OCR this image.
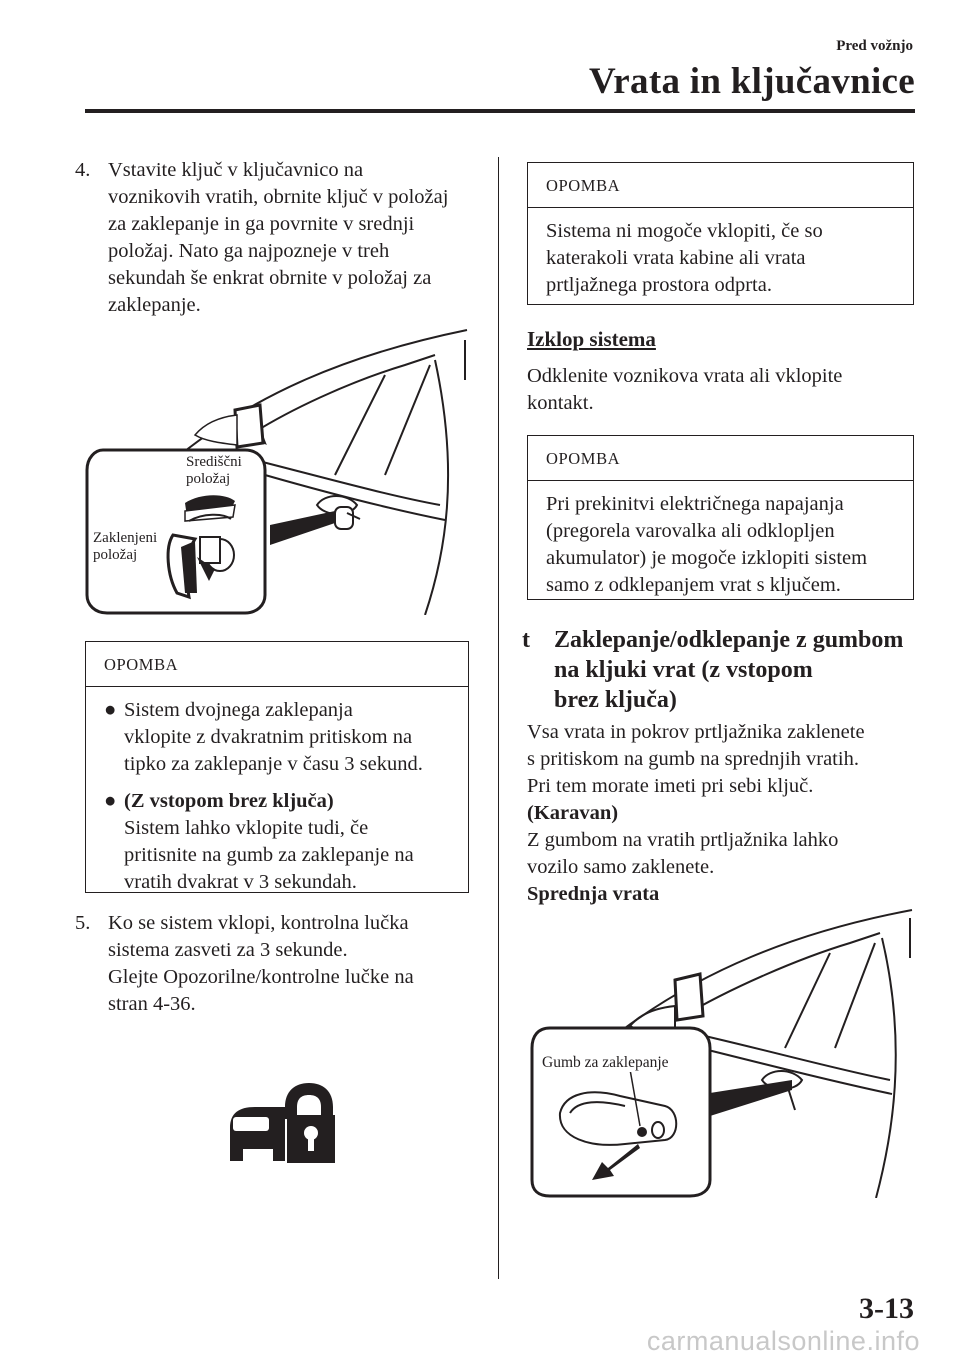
Pred vožnjo
Vrata in ključavnice
4. Vstavite ključ v ključavnico na
voznikovih vratih, obrnite ključ v položaj
za zaklepanje in ga povrnite v srednji
položaj. Nato ga najpozneje v treh
sekundah še enkrat obrnite v položaj za
zaklepanje.
Središčni
položaj
Zaklenjeni
položaj
OPOMBA
● Sistem dvojnega zaklepanja
vklopite z dvakratnim pritiskom na
tipko za zaklepanje v času 3 sekund.
● (Z vstopom brez ključa)
Sistem lahko vklopite tudi, če
pritisnite na gumb za zaklepanje na
vratih dvakrat v 3 sekundah.
5. Ko se sistem vklopi, kontrolna lučka
sistema zasveti za 3 sekunde.
Glejte Opozorilne/kontrolne lučke na
stran 4-36.
OPOMBA
Sistema ni mogoče vklopiti, če so
katerakoli vrata kabine ali vrata
prtljažnega prostora odprta.
Izklop sistema
Odklenite voznikova vrata ali vklopite
kontakt.
OPOMBA
Pri prekinitvi električnega napajanja
(pregorela varovalka ali odklopljen
akumulator) je mogoče izklopiti sistem
samo z odklepanjem vrat s ključem.
t Zaklepanje/odklepanje z gumbom
na kljuki vrat (z vstopom
brez ključa)
Vsa vrata in pokrov prtljažnika zaklenete
s pritiskom na gumb na sprednjih vratih.
Pri tem morate imeti pri sebi ključ.
(Karavan)
Z gumbom na vratih prtljažnika lahko
vozilo samo zaklenete.
Sprednja vrata
Gumb za zaklepanje
3-13
carmanualsonline.info
